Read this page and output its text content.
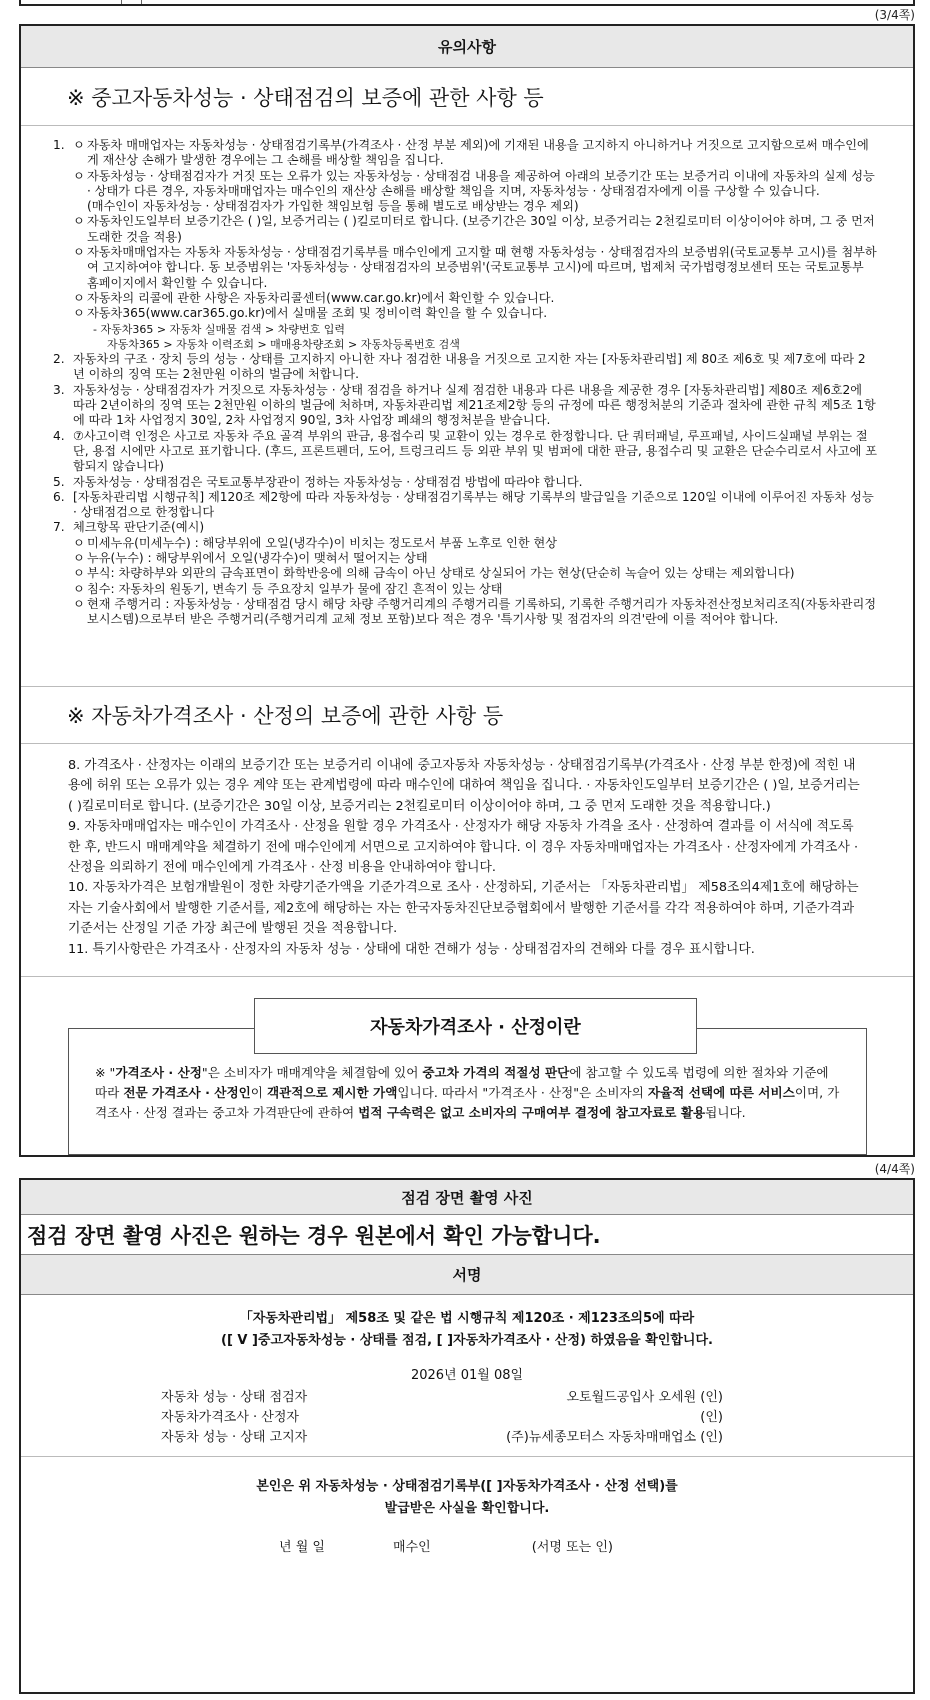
(3/4쪽)
유의사항
※ 중고자동차성능 · 상태점검의 보증에 관한 사항 등
1. ㅇ 자동차 매매업자는 자동차성능 · 상태점검기록부(가격조사 · 산정 부분 제외)에 기재된 내용을 고지하지 아니하거나 거짓으로 고지함으로써 매수인에게 재산상 손해가 발생한 경우에는 그 손해를 배상할 책임을 집니다.
ㅇ 자동차성능 · 상태점검자가 거짓 또는 오류가 있는 자동차성능 · 상태점검 내용을 제공하여 아래의 보증기간 또는 보증거리 이내에 자동차의 실제 성능 · 상태가 다른 경우, 자동차매매업자는 매수인의 재산상 손해를 배상할 책임을 지며, 자동차성능 · 상태점검자에게 이를 구상할 수 있습니다.
(매수인이 자동차성능 · 상태점검자가 가입한 책임보험 등을 통해 별도로 배상받는 경우 제외)
ㅇ 자동차인도일부터 보증기간은 ( )일, 보증거리는 ( )킬로미터로 합니다. (보증기간은 30일 이상, 보증거리는 2천킬로미터 이상이어야 하며, 그 중 먼저 도래한 것을 적용)
ㅇ 자동차매매업자는 자동차 자동차성능 · 상태점검기록부를 매수인에게 고지할 때 현행 자동차성능 · 상태점검자의 보증범위(국토교통부 고시)를 첨부하여 고지하여야 합니다. 동 보증범위는 '자동차성능 · 상태점검자의 보증범위'(국토교통부 고시)에 따르며, 법제처 국가법령정보센터 또는 국토교통부 홈페이지에서 확인할 수 있습니다.
ㅇ 자동차의 리콜에 관한 사항은 자동차리콜센터(www.car.go.kr)에서 확인할 수 있습니다.
ㅇ 자동차365(www.car365.go.kr)에서 실매물 조회 및 정비이력 확인을 할 수 있습니다.
- 자동차365 > 자동차 실매물 검색 > 차량번호 입력
자동차365 > 자동차 이력조회 > 매매용차량조회 > 자동차등록번호 검색
2. 자동차의 구조 · 장치 등의 성능 · 상태를 고지하지 아니한 자나 점검한 내용을 거짓으로 고지한 자는 [자동차관리법] 제 80조 제6호 및 제7호에 따라 2년 이하의 징역 또는 2천만원 이하의 벌금에 처합니다.
3. 자동차성능 · 상태점검자가 거짓으로 자동차성능 · 상태 점검을 하거나 실제 점검한 내용과 다른 내용을 제공한 경우 [자동차관리법] 제80조 제6호2에 따라 2년이하의 징역 또는 2천만원 이하의 벌금에 처하며, 자동차관리법 제21조제2항 등의 규정에 따른 행정처분의 기준과 절차에 관한 규칙 제5조 1항에 따라 1차 사업정지 30일, 2차 사업정지 90일, 3차 사업장 폐쇄의 행정처분을 받습니다.
4. ⑦사고이력 인정은 사고로 자동차 주요 골격 부위의 판금, 용접수리 및 교환이 있는 경우로 한정합니다. 단 쿼터패널, 루프패널, 사이드실패널 부위는 절단, 용접 시에만 사고로 표기합니다. (후드, 프론트펜더, 도어, 트렁크리드 등 외판 부위 및 범퍼에 대한 판금, 용접수리 및 교환은 단순수리로서 사고에 포함되지 않습니다)
5. 자동차성능 · 상태점검은 국토교통부장관이 정하는 자동차성능 · 상태점검 방법에 따라야 합니다.
6. [자동차관리법 시행규칙] 제120조 제2항에 따라 자동차성능 · 상태점검기록부는 해당 기록부의 발급일을 기준으로 120일 이내에 이루어진 자동차 성능 · 상태점검으로 한정합니다
7. 체크항목 판단기준(예시)
ㅇ 미세누유(미세누수) : 해당부위에 오일(냉각수)이 비치는 정도로서 부품 노후로 인한 현상
ㅇ 누유(누수) : 해당부위에서 오일(냉각수)이 맺혀서 떨어지는 상태
ㅇ 부식: 차량하부와 외판의 금속표면이 화학반응에 의해 금속이 아닌 상태로 상실되어 가는 현상(단순히 녹슬어 있는 상태는 제외합니다)
ㅇ 침수: 자동차의 원동기, 변속기 등 주요장치 일부가 물에 잠긴 흔적이 있는 상태
ㅇ 현재 주행거리 : 자동차성능 · 상태점검 당시 해당 차량 주행거리계의 주행거리를 기록하되, 기록한 주행거리가 자동차전산정보처리조직(자동차관리정보시스템)으로부터 받은 주행거리(주행거리계 교체 정보 포함)보다 적은 경우 '특기사항 및 점검자의 의견'란에 이를 적어야 합니다.
※ 자동차가격조사 · 산정의 보증에 관한 사항 등
8. 가격조사 · 산정자는 이래의 보증기간 또는 보증거리 이내에 중고자동차 자동차성능 · 상태점검기록부(가격조사 · 산정 부분 한정)에 적힌 내용에 허위 또는 오류가 있는 경우 계약 또는 관계법령에 따라 매수인에 대하여 책임을 집니다. · 자동차인도일부터 보증기간은 ( )일, 보증거리는 ( )킬로미터로 합니다. (보증기간은 30일 이상, 보증거리는 2천킬로미터 이상이어야 하며, 그 중 먼저 도래한 것을 적용합니다.)
9. 자동차매매업자는 매수인이 가격조사 · 산정을 원할 경우 가격조사 · 산정자가 해당 자동차 가격을 조사 · 산정하여 결과를 이 서식에 적도록 한 후, 반드시 매매계약을 체결하기 전에 매수인에게 서면으로 고지하여야 합니다. 이 경우 자동차매매업자는 가격조사 · 산정자에게 가격조사 · 산정을 의뢰하기 전에 매수인에게 가격조사 · 산정 비용을 안내하여야 합니다.
10. 자동차가격은 보험개발원이 정한 차량기준가액을 기준가격으로 조사 · 산정하되, 기준서는 「자동차관리법」 제58조의4제1호에 해당하는 자는 기술사회에서 발행한 기준서를, 제2호에 해당하는 자는 한국자동차진단보증협회에서 발행한 기준서를 각각 적용하여야 하며, 기준가격과 기준서는 산정일 기준 가장 최근에 발행된 것을 적용합니다.
11. 특기사항란은 가격조사 · 산정자의 자동차 성능 · 상태에 대한 견해가 성능 · 상태점검자의 견해와 다를 경우 표시합니다.
※ "가격조사 · 산정"은 소비자가 매매계약을 체결함에 있어 중고차 가격의 적절성 판단에 참고할 수 있도록 법령에 의한 절차와 기준에 따라 전문 가격조사 · 산정인이 객관적으로 제시한 가액입니다. 따라서 "가격조사 · 산정"은 소비자의 자율적 선택에 따른 서비스이며, 가격조사 · 산정 결과는 중고차 가격판단에 관하여 법적 구속력은 없고 소비자의 구매여부 결정에 참고자료로 활용됩니다.
자동차가격조사 · 산정이란
(4/4쪽)
점검 장면 촬영 사진
점검 장면 촬영 사진은 원하는 경우 원본에서 확인 가능합니다.
서명
「자동차관리법」 제58조 및 같은 법 시행규칙 제120조 · 제123조의5에 따라
([ V ]중고자동차성능 · 상태를 점검, [ ]자동차가격조사 · 산정) 하였음을 확인합니다.
2026년 01월 08일
자동차 성능 · 상태 점검자	오토월드공입사 오세원 (인)
자동차가격조사 · 산정자	(인)
자동차 성능 · 상태 고지자	(주)뉴세종모터스 자동차매매업소 (인)
본인은 위 자동차성능 · 상태점검기록부([ ]자동차가격조사 · 산정 선택)를
발급받은 사실을 확인합니다.
년 월 일	매수인	(서명 또는 인)
